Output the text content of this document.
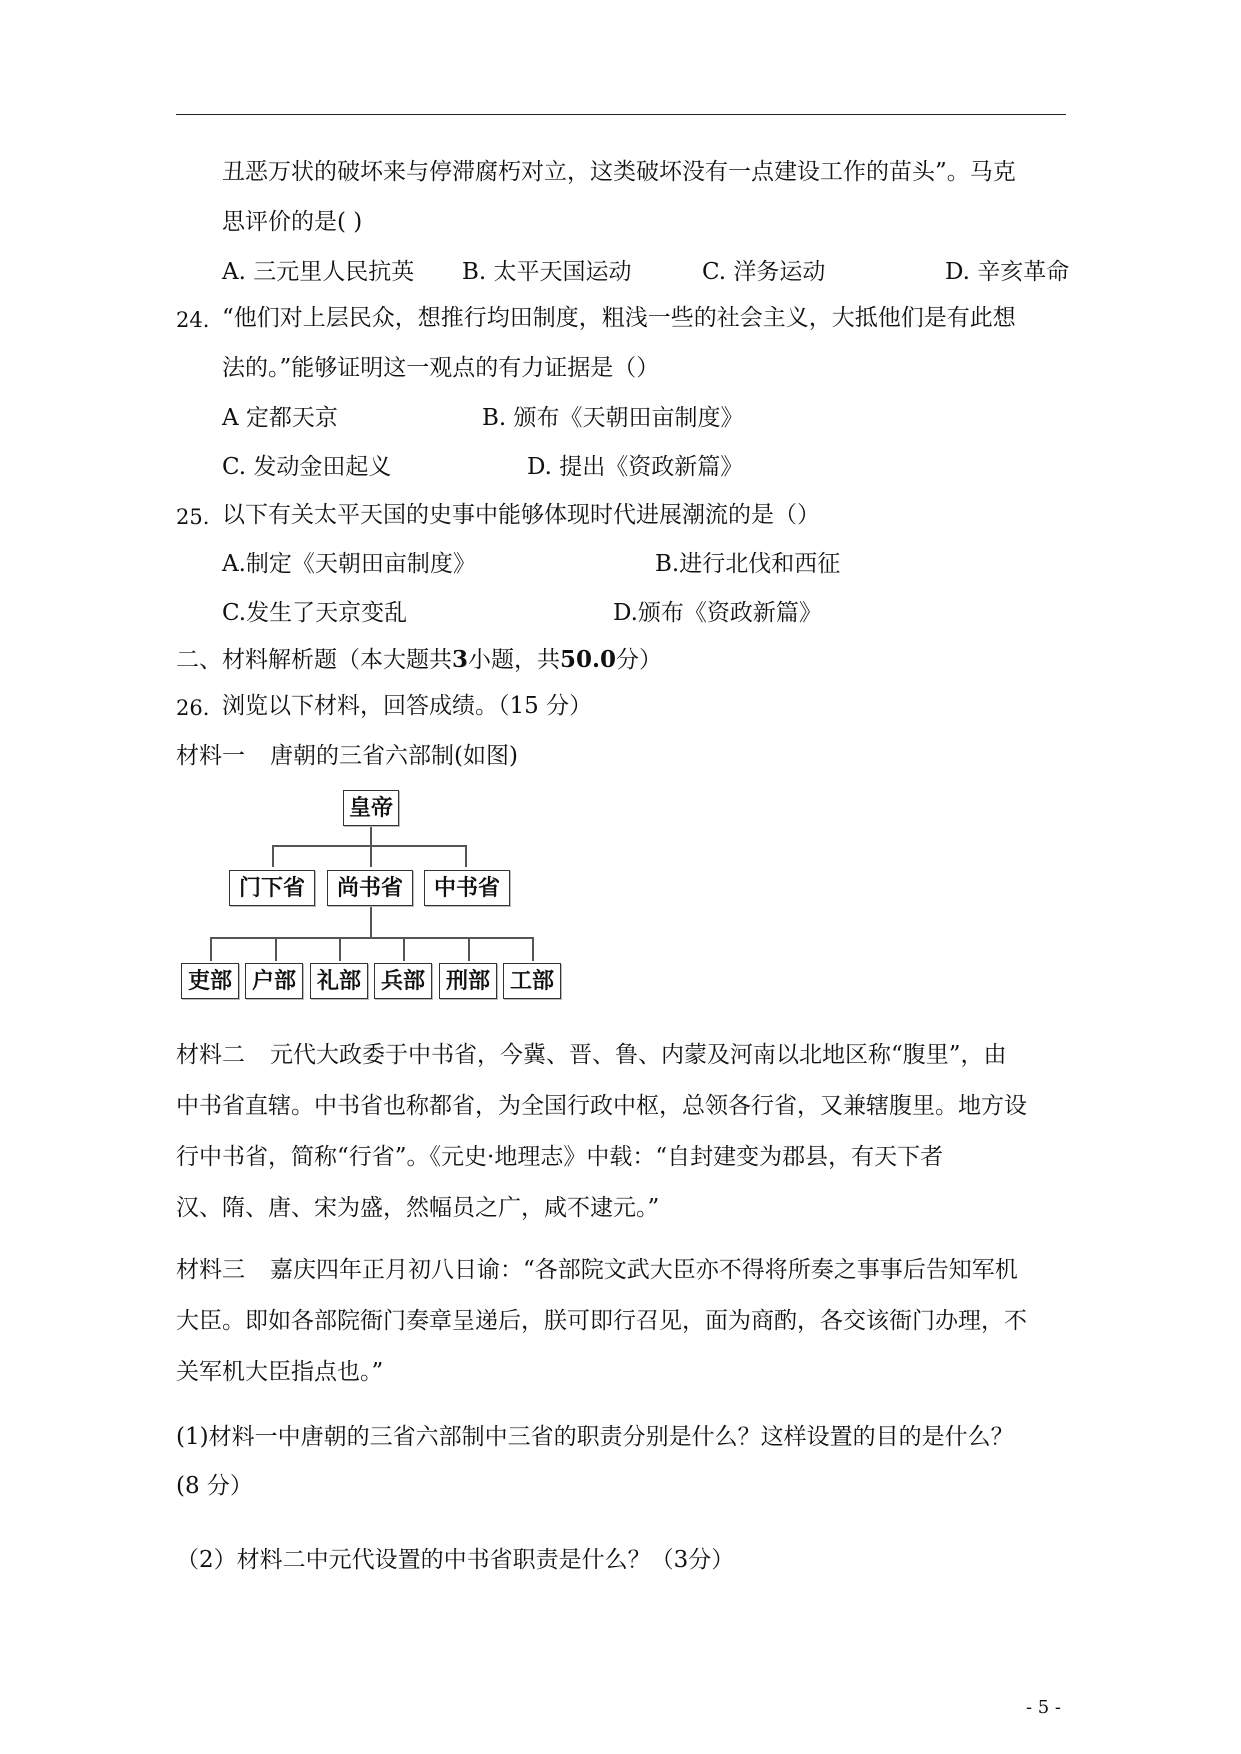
丑恶万状的破坏来与停滞腐朽对立，这类破坏没有一点建设工作的苗头”。马克
思评价的是( )
A. 三元里人民抗英 B. 太平天国运动	C. 洋务运动	D. 辛亥革命
24. “他们对上层民众，想推行均田制度，粗浅一些的社会主义，大抵他们是有此想
法的。”能够证明这一观点的有力证据是（）
A 定都天京	B. 颁布《天朝田亩制度》
C. 发动金田起义	D. 提出《资政新篇》
25. 以下有关太平天国的史事中能够体现时代进展潮流的是（）
A.制定《天朝田亩制度》	B.进行北伐和西征
C.发生了天京变乱	D.颁布《资政新篇》
二、材料解析题（本大题共3小题，共50.0分）
26. 浏览以下材料，回答成绩。（15 分）
材料一 唐朝的三省六部制(如图)
皇帝
门下省	尚书省	中书省
吏部 户部 礼部 兵部 刑部 工部
材料二 元代大政委于中书省，今冀、晋、鲁、内蒙及河南以北地区称“腹里”，由
中书省直辖。中书省也称都省，为全国行政中枢，总领各行省，又兼辖腹里。地方设
行中书省，简称“行省”。《元史·地理志》中载：“自封建变为郡县，有天下者
汉、隋、唐、宋为盛，然幅员之广，咸不逮元。”
材料三 嘉庆四年正月初八日谕：“各部院文武大臣亦不得将所奏之事事后告知军机
大臣。即如各部院衙门奏章呈递后，朕可即行召见，面为商酌，各交该衙门办理，不
关军机大臣指点也。”
(1)材料一中唐朝的三省六部制中三省的职责分别是什么？这样设置的目的是什么？
(8 分）
（2）材料二中元代设置的中书省职责是什么？（3分）
- 5 -
